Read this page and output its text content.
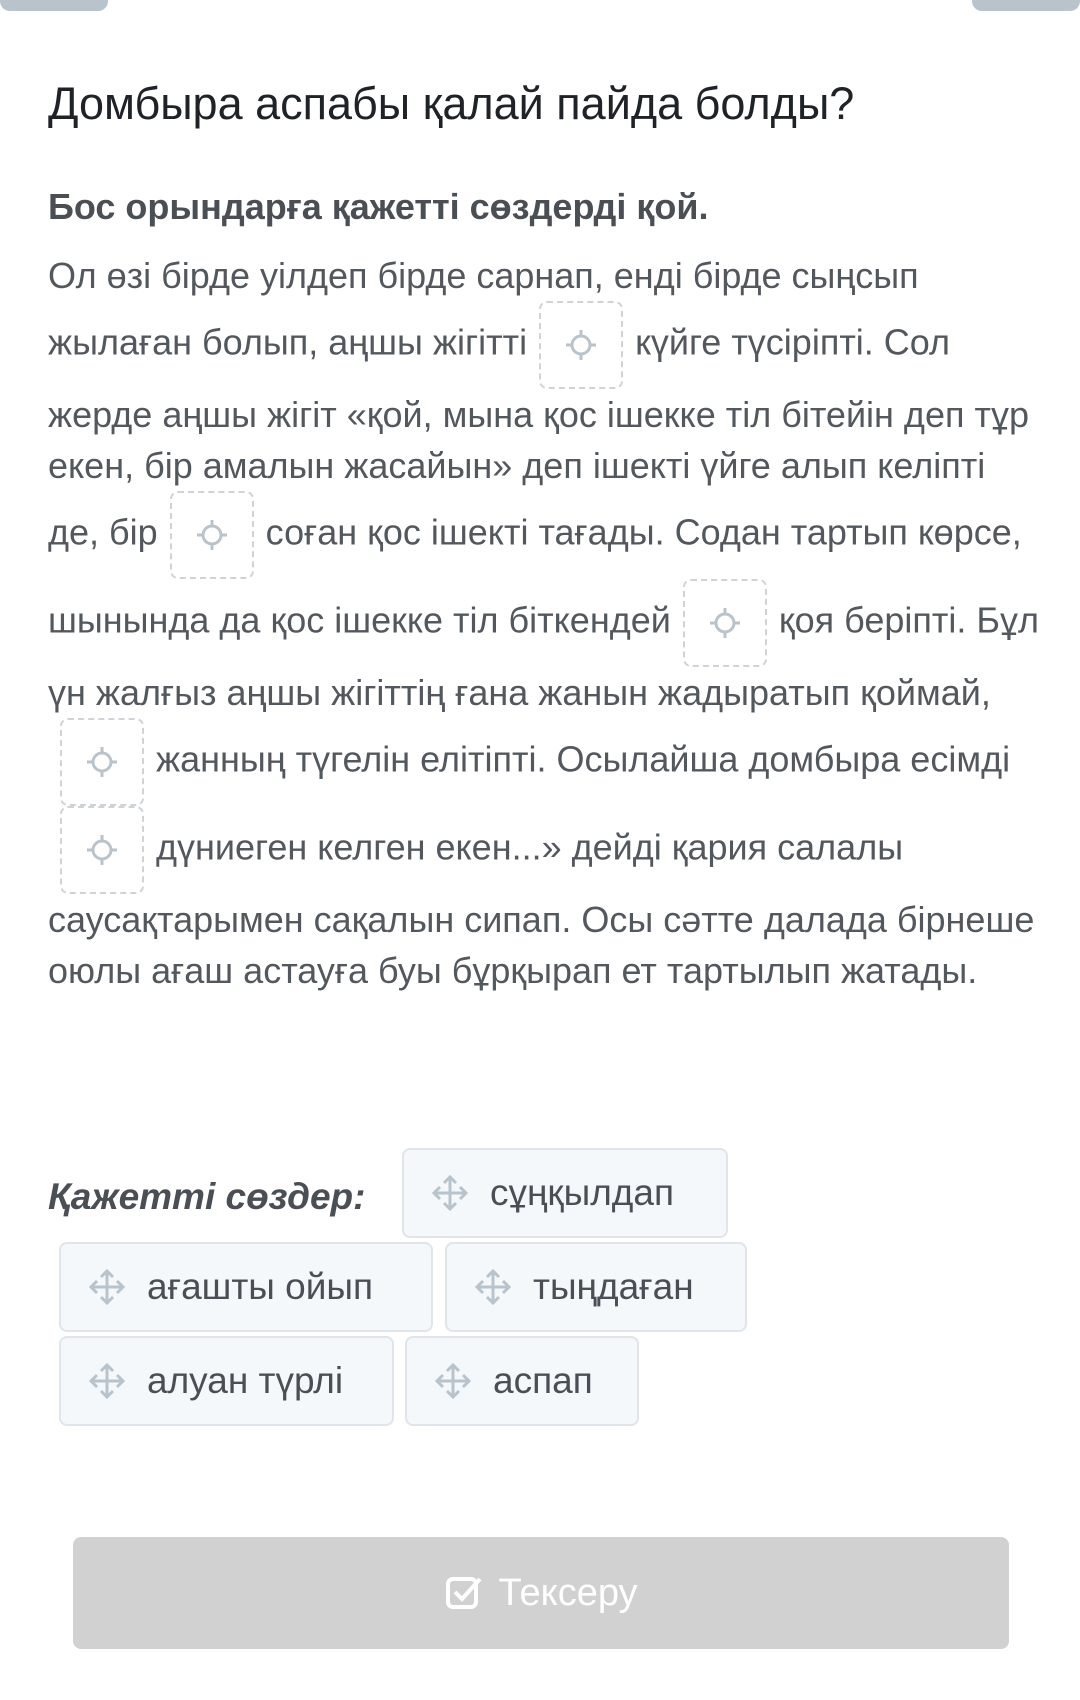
Домбыра аспабы қалай пайда болды?
Бос орындарға қажетті сөздерді қой.
Ол өзі бірде уілдеп бірде сарнап, енді бірде сыңсып жылаған болып, аңшы жігітті	күйге түсіріпті. Сол жерде аңшы жігіт «қой, мына қос ішекке тіл бітейін деп тұр екен, бір амалын жасайын» деп ішекті үйге алып келіпті де, бір	соған қос ішекті тағады. Содан тартып көрсе, шынында да қос ішекке тіл біткендей	қоя беріпті. Бұл үн жалғыз аңшы жігіттің ғана жанын жадыратып қоймай,
жанның түгелін елітіпті. Осылайша домбыра есімді
дүниеген келген екен...» дейді қария салалы саусақтарымен сақалын сипап. Осы сәтте далада бірнеше оюлы ағаш астауға буы бұрқырап ет тартылып жатады.
Қажетті сөздер:	сұңқылдап
ағашты ойып	тыңдаған
алуан түрлі	аспап
Тексеру
